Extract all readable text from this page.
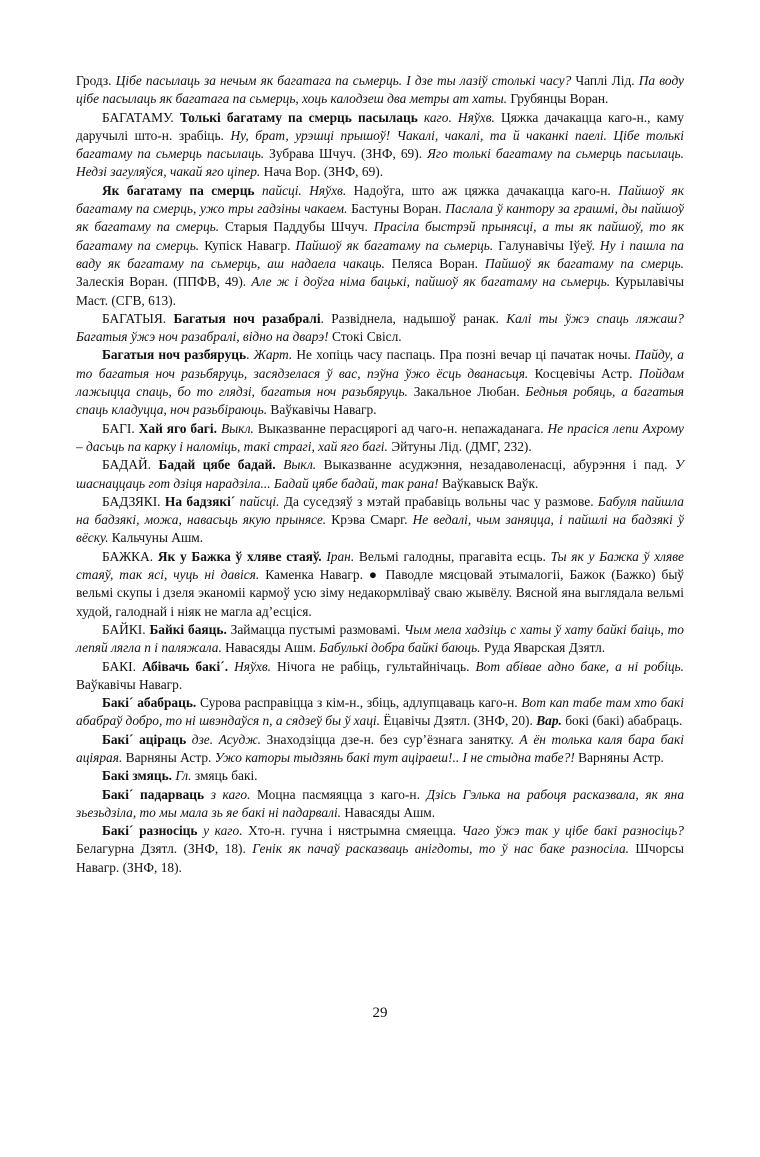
Гродз. Цібе пасылаць за нечым як багатага па сьмерць. І дзе ты лазіў столькі часу? Чаплі Лід. Па воду цібе пасылаць як багатага па сьмерць, хоць калодзеш два метры ат хаты. Грубянцы Воран.

БАГАТАМУ. Толькі багатаму па смерць пасылаць каго. Няўхв. Цяжка дачакацца каго-н., каму даручылі што-н. зрабіць. Ну, брат, урэшці прышоў! Чакалі, чакалі, та й чаканкі паелі. Цібе толькі багатаму па сьмерць пасылаць. Зубрава Шчуч. (ЗНФ, 69). Яго толькі багатаму па сьмерць пасылаць. Недзі загуляўся, чакай яго ціпер. Нача Вор. (ЗНФ, 69).

Як багатаму па смерць пайсці. Няўхв. Надоўга, што аж цяжка дачакацца каго-н. Пайшоў як багатаму па смерць, ужо тры гадзіны чакаем. Бастуны Воран. Паслала ў кантору за грашмі, ды пайшоў як багатаму па смерць. Старыя Паддубы Шчуч. Прасіла быстрэй прынясці, а ты як пайшоў, то як багатаму па смерць. Купіск Навагр. Пайшоў як багатаму па сьмерць. Галунавічы Іўеў. Ну і пашла па ваду як багатаму па сьмерць, аш надаела чакаць. Пеляса Воран. Пайшоў як багатаму па смерць. Залескія Воран. (ППФВ, 49). Але ж і доўга німа бацькі, пайшоў як багатаму на сьмерць. Курылавічы Маст. (СГВ, 613).

БАГАТЫЯ. Багатыя ноч разабралі. Развіднела, надышоў ранак. Калі ты ўжэ спаць ляжаш? Багатыя ўжэ ноч разабралі, відно на дварэ! Стокі Свісл.

Багатыя ноч разбяруць. Жарт. Не хопіць часу паспаць. Пра позні вечар ці пачатак ночы. Пайду, а то багатыя ноч разьбяруць, засядзелася ў вас, пэўна ўжо ёсць дванасьця. Косцевічы Астр. Пойдам лажыцца спаць, бо то глядзі, багатыя ноч разьбяруць. Закальное Любан. Бедныя робяць, а багатыя спаць кладуцца, ноч разьбіраюць. Ваўкавічы Навагр.

БАГІ. Хай яго багі. Выкл. Выказванне перасцярогі ад чаго-н. непажаданага. Не прасіся лепи Ахрому – дасьць па карку і наломіць, такі страгі, хай яго багі. Эйтуны Лід. (ДМГ, 232).

БАДАЙ. Бадай цябе бадай. Выкл. Выказванне асуджэння, незадаволенасці, абурэння і пад. У шаснаццаць гот дзіця нарадзіла... Бадай цябе бадай, так рана! Ваўкавыск Ваўк.

БАДЗЯКІ. На бадзякі´ пайсці. Да суседзяў з мэтай прабавіць вольны час у размове. Бабуля пайшла на бадзякі, можа, навасьць якую прынясе. Крэва Смарг. Не ведалі, чым заняцца, і пайшлі на бадзякі ў вёску. Кальчуны Ашм.

БАЖКА. Як у Бажка ў хляве стаяў. Іран. Вельмі галодны, прагавіта есць. Ты як у Бажка ў хляве стаяў, так ясі, чуць ні давіся. Каменка Навагр. ● Паводле мясцовай этымалогіі, Бажок (Бажко) быў вельмі скупы і дзеля эканоміі кармоў усю зіму недакормліваў сваю жывёлу. Вясной яна выглядала вельмі худой, галоднай і ніяк не магла ад’есціся.

БАЙКІ. Байкі баяць. Займацца пустымі размовамі. Чым мела хадзіць с хаты ў хату байкі баіць, то лепяй лягла п і паляжала. Навасяды Ашм. Бабулькі добра байкі баюць. Руда Яварская Дзятл.

БАКІ. Абівачь бакі´. Няўхв. Нічога не рабіць, гультайнічаць. Вот абівае адно баке, а ні робіць. Ваўкавічы Навагр.

Бакі´ абабраць. Сурова расправіцца з кім-н., збіць, адлупцаваць каго-н. Вот кап табе там хто бакі абабраў добро, то ні швэндаўся п, а сядзеў бы ў хаці. Ёцавічы Дзятл. (ЗНФ, 20). Вар. бокі (бакі) абабраць.

Бакі´ аціраць дзе. Асудж. Знаходзіцца дзе-н. без сур’ёзнага занятку. А ён толька каля бара бакі аціярая. Варняны Астр. Ужо каторы тыдзянь бакі тут аціраеш!.. І не стыдна табе?! Варняны Астр.

Бакі змяць. Гл. змяць бакі.

Бакі´ падарваць з каго. Моцна пасмяяцца з каго-н. Дзісь Гэлька на рабоця расказвала, як яна зьезьдзіла, то мы мала зь яе бакі ні падарвалі. Навасяды Ашм.

Бакі´ разносіць у каго. Хто-н. гучна і нястрымна смяецца. Чаго ўжэ так у цібе бакі разносіць? Белагурна Дзятл. (ЗНФ, 18). Генік як пачаў расказваць анігдоты, то ў нас баке разносіла. Шчорсы Навагр. (ЗНФ, 18).

29
